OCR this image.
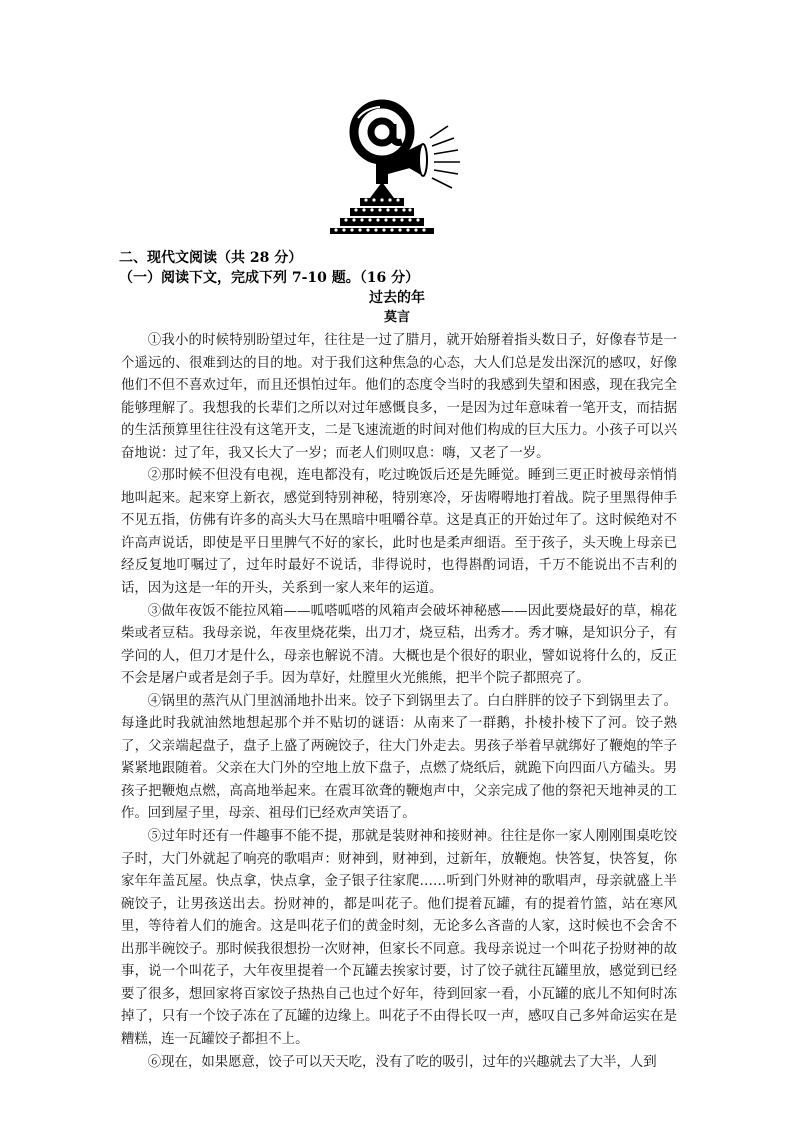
二、现代文阅读（共 28 分）
（一）阅读下文，完成下列 7-10 题。（16 分）
过去的年
莫言

①我小的时候特别盼望过年，往往是一过了腊月，就开始掰着指头数日子，好像春节是一个遥远的、很难到达的目的地。对于我们这种焦急的心态，大人们总是发出深沉的感叹，好像他们不但不喜欢过年，而且还惧怕过年。他们的态度令当时的我感到失望和困惑，现在我完全能够理解了。我想我的长辈们之所以对过年感慨良多，一是因为过年意味着一笔开支，而拮据的生活预算里往往没有这笔开支，二是飞速流逝的时间对他们构成的巨大压力。小孩子可以兴奋地说：过了年，我又长大了一岁；而老人们则叹息：嗨，又老了一岁。

②那时候不但没有电视，连电都没有，吃过晚饭后还是先睡觉。睡到三更正时被母亲悄悄地叫起来。起来穿上新衣，感觉到特别神秘，特别寒冷，牙齿嘚嘚地打着战。院子里黑得伸手不见五指，仿佛有许多的高头大马在黑暗中咀嚼谷草。这是真正的开始过年了。这时候绝对不许高声说话，即使是平日里脾气不好的家长，此时也是柔声细语。至于孩子，头天晚上母亲已经反复地叮嘱过了，过年时最好不说话，非得说时，也得斟酌词语，千万不能说出不吉利的话，因为这是一年的开头，关系到一家人来年的运道。

③做年夜饭不能拉风箱——呱嗒呱嗒的风箱声会破坏神秘感——因此要烧最好的草，棉花柴或者豆秸。我母亲说，年夜里烧花柴，出刀才，烧豆秸，出秀才。秀才嘛，是知识分子，有学问的人，但刀才是什么，母亲也解说不清。大概也是个很好的职业，譬如说将什么的，反正不会是屠户或者是刽子手。因为草好，灶膛里火光熊熊，把半个院子都照亮了。

④锅里的蒸汽从门里汹涌地扑出来。饺子下到锅里去了。白白胖胖的饺子下到锅里去了。每逢此时我就油然地想起那个并不贴切的谜语：从南来了一群鹅，扑棱扑棱下了河。饺子熟了，父亲端起盘子，盘子上盛了两碗饺子，往大门外走去。男孩子举着早就绑好了鞭炮的竿子紧紧地跟随着。父亲在大门外的空地上放下盘子，点燃了烧纸后，就跪下向四面八方磕头。男孩子把鞭炮点燃，高高地举起来。在震耳欲聋的鞭炮声中，父亲完成了他的祭祀天地神灵的工作。回到屋子里，母亲、祖母们已经欢声笑语了。

⑤过年时还有一件趣事不能不提，那就是装财神和接财神。往往是你一家人刚刚围桌吃饺子时，大门外就起了响亮的歌唱声：财神到，财神到，过新年，放鞭炮。快答复，快答复，你家年年盖瓦屋。快点拿，快点拿，金子银子往家爬……听到门外财神的歌唱声，母亲就盛上半碗饺子，让男孩送出去。扮财神的，都是叫花子。他们提着瓦罐，有的提着竹篮，站在寒风里，等待着人们的施舍。这是叫花子们的黄金时刻，无论多么吝啬的人家，这时候也不会舍不出那半碗饺子。那时候我很想扮一次财神，但家长不同意。我母亲说过一个叫花子扮财神的故事，说一个叫花子，大年夜里提着一个瓦罐去挨家讨要，讨了饺子就往瓦罐里放，感觉到已经要了很多，想回家将百家饺子热热自己也过个好年，待到回家一看，小瓦罐的底儿不知何时冻掉了，只有一个饺子冻在了瓦罐的边缘上。叫花子不由得长叹一声，感叹自己多舛命运实在是糟糕，连一瓦罐饺子都担不上。

⑥现在，如果愿意，饺子可以天天吃，没有了吃的吸引，过年的兴趣就去了大半，人到
